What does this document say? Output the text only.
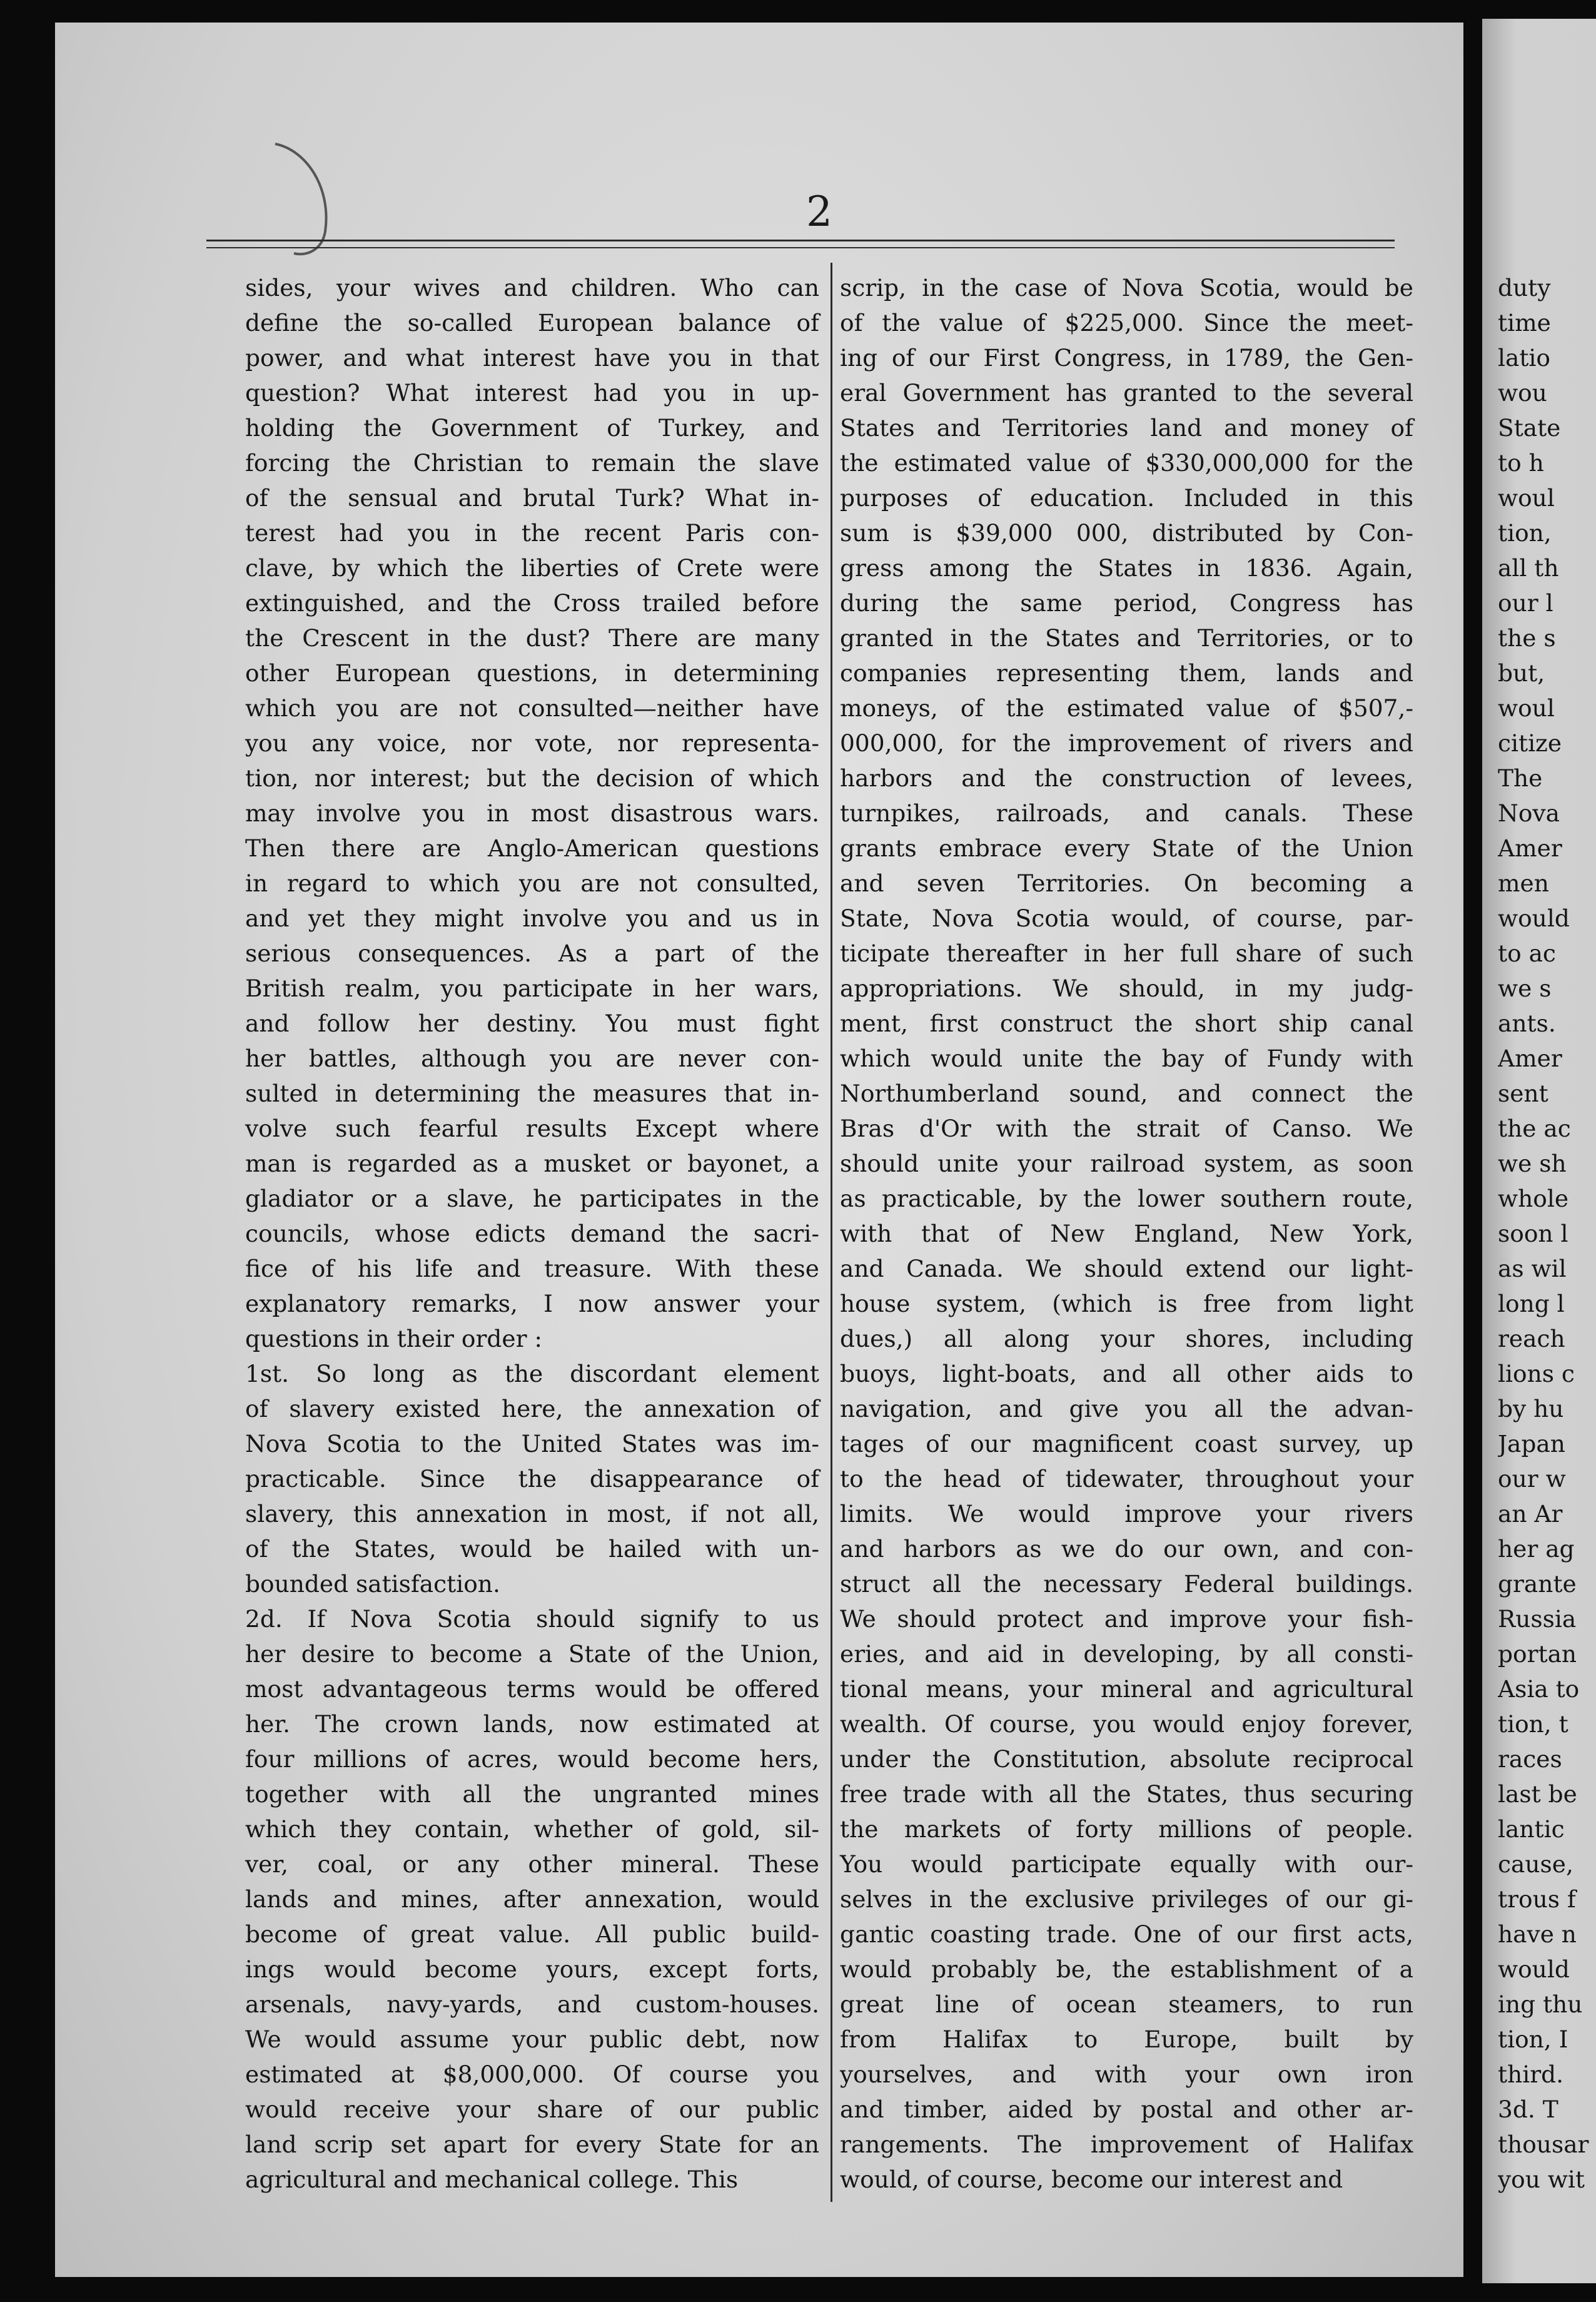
2

sides, your wives and children. Who can

define the so-called European balance of

power, and what interest have you in that

question? What interest had you in up-

holding the Government of Turkey, and

forcing the Christian to remain the slave

of the sensual and brutal Turk? What in-

terest had you in the recent Paris con-

clave, by which the liberties of Crete were

extinguished, and the Cross trailed before

the Crescent in the dust? There are many

other European questions, in determining

which you are not consulted—neither have

you any voice, nor vote, nor representa-

tion, nor interest; but the decision of which

may involve you in most disastrous wars.

Then there are Anglo-American questions

in regard to which you are not consulted,

and yet they might involve you and us in

serious consequences. As a part of the

British realm, you participate in her wars,

and follow her destiny. You must fight

her battles, although you are never con-

sulted in determining the measures that in-

volve such fearful results Except where

man is regarded as a musket or bayonet, a

gladiator or a slave, he participates in the

councils, whose edicts demand the sacri-

fice of his life and treasure. With these

explanatory remarks, I now answer your

questions in their order :

1st. So long as the discordant element

of slavery existed here, the annexation of

Nova Scotia to the United States was im-

practicable. Since the disappearance of

slavery, this annexation in most, if not all,

of the States, would be hailed with un-

bounded satisfaction.

2d. If Nova Scotia should signify to us

her desire to become a State of the Union,

most advantageous terms would be offered

her. The crown lands, now estimated at

four millions of acres, would become hers,

together with all the ungranted mines

which they contain, whether of gold, sil-

ver, coal, or any other mineral. These

lands and mines, after annexation, would

become of great value. All public build-

ings would become yours, except forts,

arsenals, navy-yards, and custom-houses.

We would assume your public debt, now

estimated at $8,000,000. Of course you

would receive your share of our public

land scrip set apart for every State for an

agricultural and mechanical college. This

scrip, in the case of Nova Scotia, would be

of the value of $225,000. Since the meet-

ing of our First Congress, in 1789, the Gen-

eral Government has granted to the several

States and Territories land and money of

the estimated value of $330,000,000 for the

purposes of education. Included in this

sum is $39,000 000, distributed by Con-

gress among the States in 1836. Again,

during the same period, Congress has

granted in the States and Territories, or to

companies representing them, lands and

moneys, of the estimated value of $507,-

000,000, for the improvement of rivers and

harbors and the construction of levees,

turnpikes, railroads, and canals. These

grants embrace every State of the Union

and seven Territories. On becoming a

State, Nova Scotia would, of course, par-

ticipate thereafter in her full share of such

appropriations. We should, in my judg-

ment, first construct the short ship canal

which would unite the bay of Fundy with

Northumberland sound, and connect the

Bras d'Or with the strait of Canso. We

should unite your railroad system, as soon

as practicable, by the lower southern route,

with that of New England, New York,

and Canada. We should extend our light-

house system, (which is free from light

dues,) all along your shores, including

buoys, light-boats, and all other aids to

navigation, and give you all the advan-

tages of our magnificent coast survey, up

to the head of tidewater, throughout your

limits. We would improve your rivers

and harbors as we do our own, and con-

struct all the necessary Federal buildings.

We should protect and improve your fish-

eries, and aid in developing, by all consti-

tional means, your mineral and agricultural

wealth. Of course, you would enjoy forever,

under the Constitution, absolute reciprocal

free trade with all the States, thus securing

the markets of forty millions of people.

You would participate equally with our-

selves in the exclusive privileges of our gi-

gantic coasting trade. One of our first acts,

would probably be, the establishment of a

great line of ocean steamers, to run

from Halifax to Europe, built by

yourselves, and with your own iron

and timber, aided by postal and other ar-

rangements. The improvement of Halifax

would, of course, become our interest and

duty

time

latio

wou

State

to h

woul

tion,

all th

our l

the s

but,

woul

citize

The

Nova

Amer

men

would

to ac

we s

ants.

Amer

sent

the ac

we sh

whole

soon l

as wil

long l

reach

lions c

by hu

Japan

our w

an Ar

her ag

grante

Russia

portan

Asia to

tion, t

races

last be

lantic

cause,

trous f

have n

would

ing thu

tion, I

third.

3d. T

thousar

you wit
